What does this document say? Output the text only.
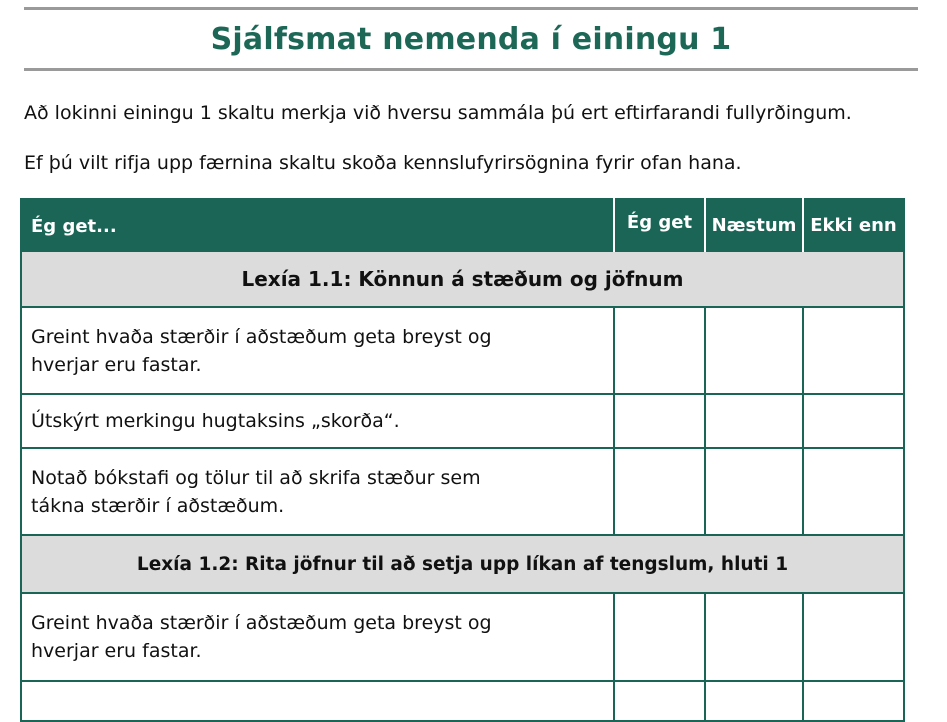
Sjálfsmat nemenda í einingu 1
Að lokinni einingu 1 skaltu merkja við hversu sammála þú ert eftirfarandi fullyrðingum.
Ef þú vilt rifja upp færnina skaltu skoða kennslufyrirsögnina fyrir ofan hana.
Ég get...	Ég get	Næstum	Ekki enn
Lexía 1.1: Könnun á stæðum og jöfnum			
Greint hvaða stærðir í aðstæðum geta breyst og hverjar eru fastar.			
Útskýrt merkingu hugtaksins „skorða“.			
Notað bókstafi og tölur til að skrifa stæður sem tákna stærðir í aðstæðum.			
Lexía 1.2: Rita jöfnur til að setja upp líkan af tengslum, hluti 1			
Greint hvaða stærðir í aðstæðum geta breyst og hverjar eru fastar.			
